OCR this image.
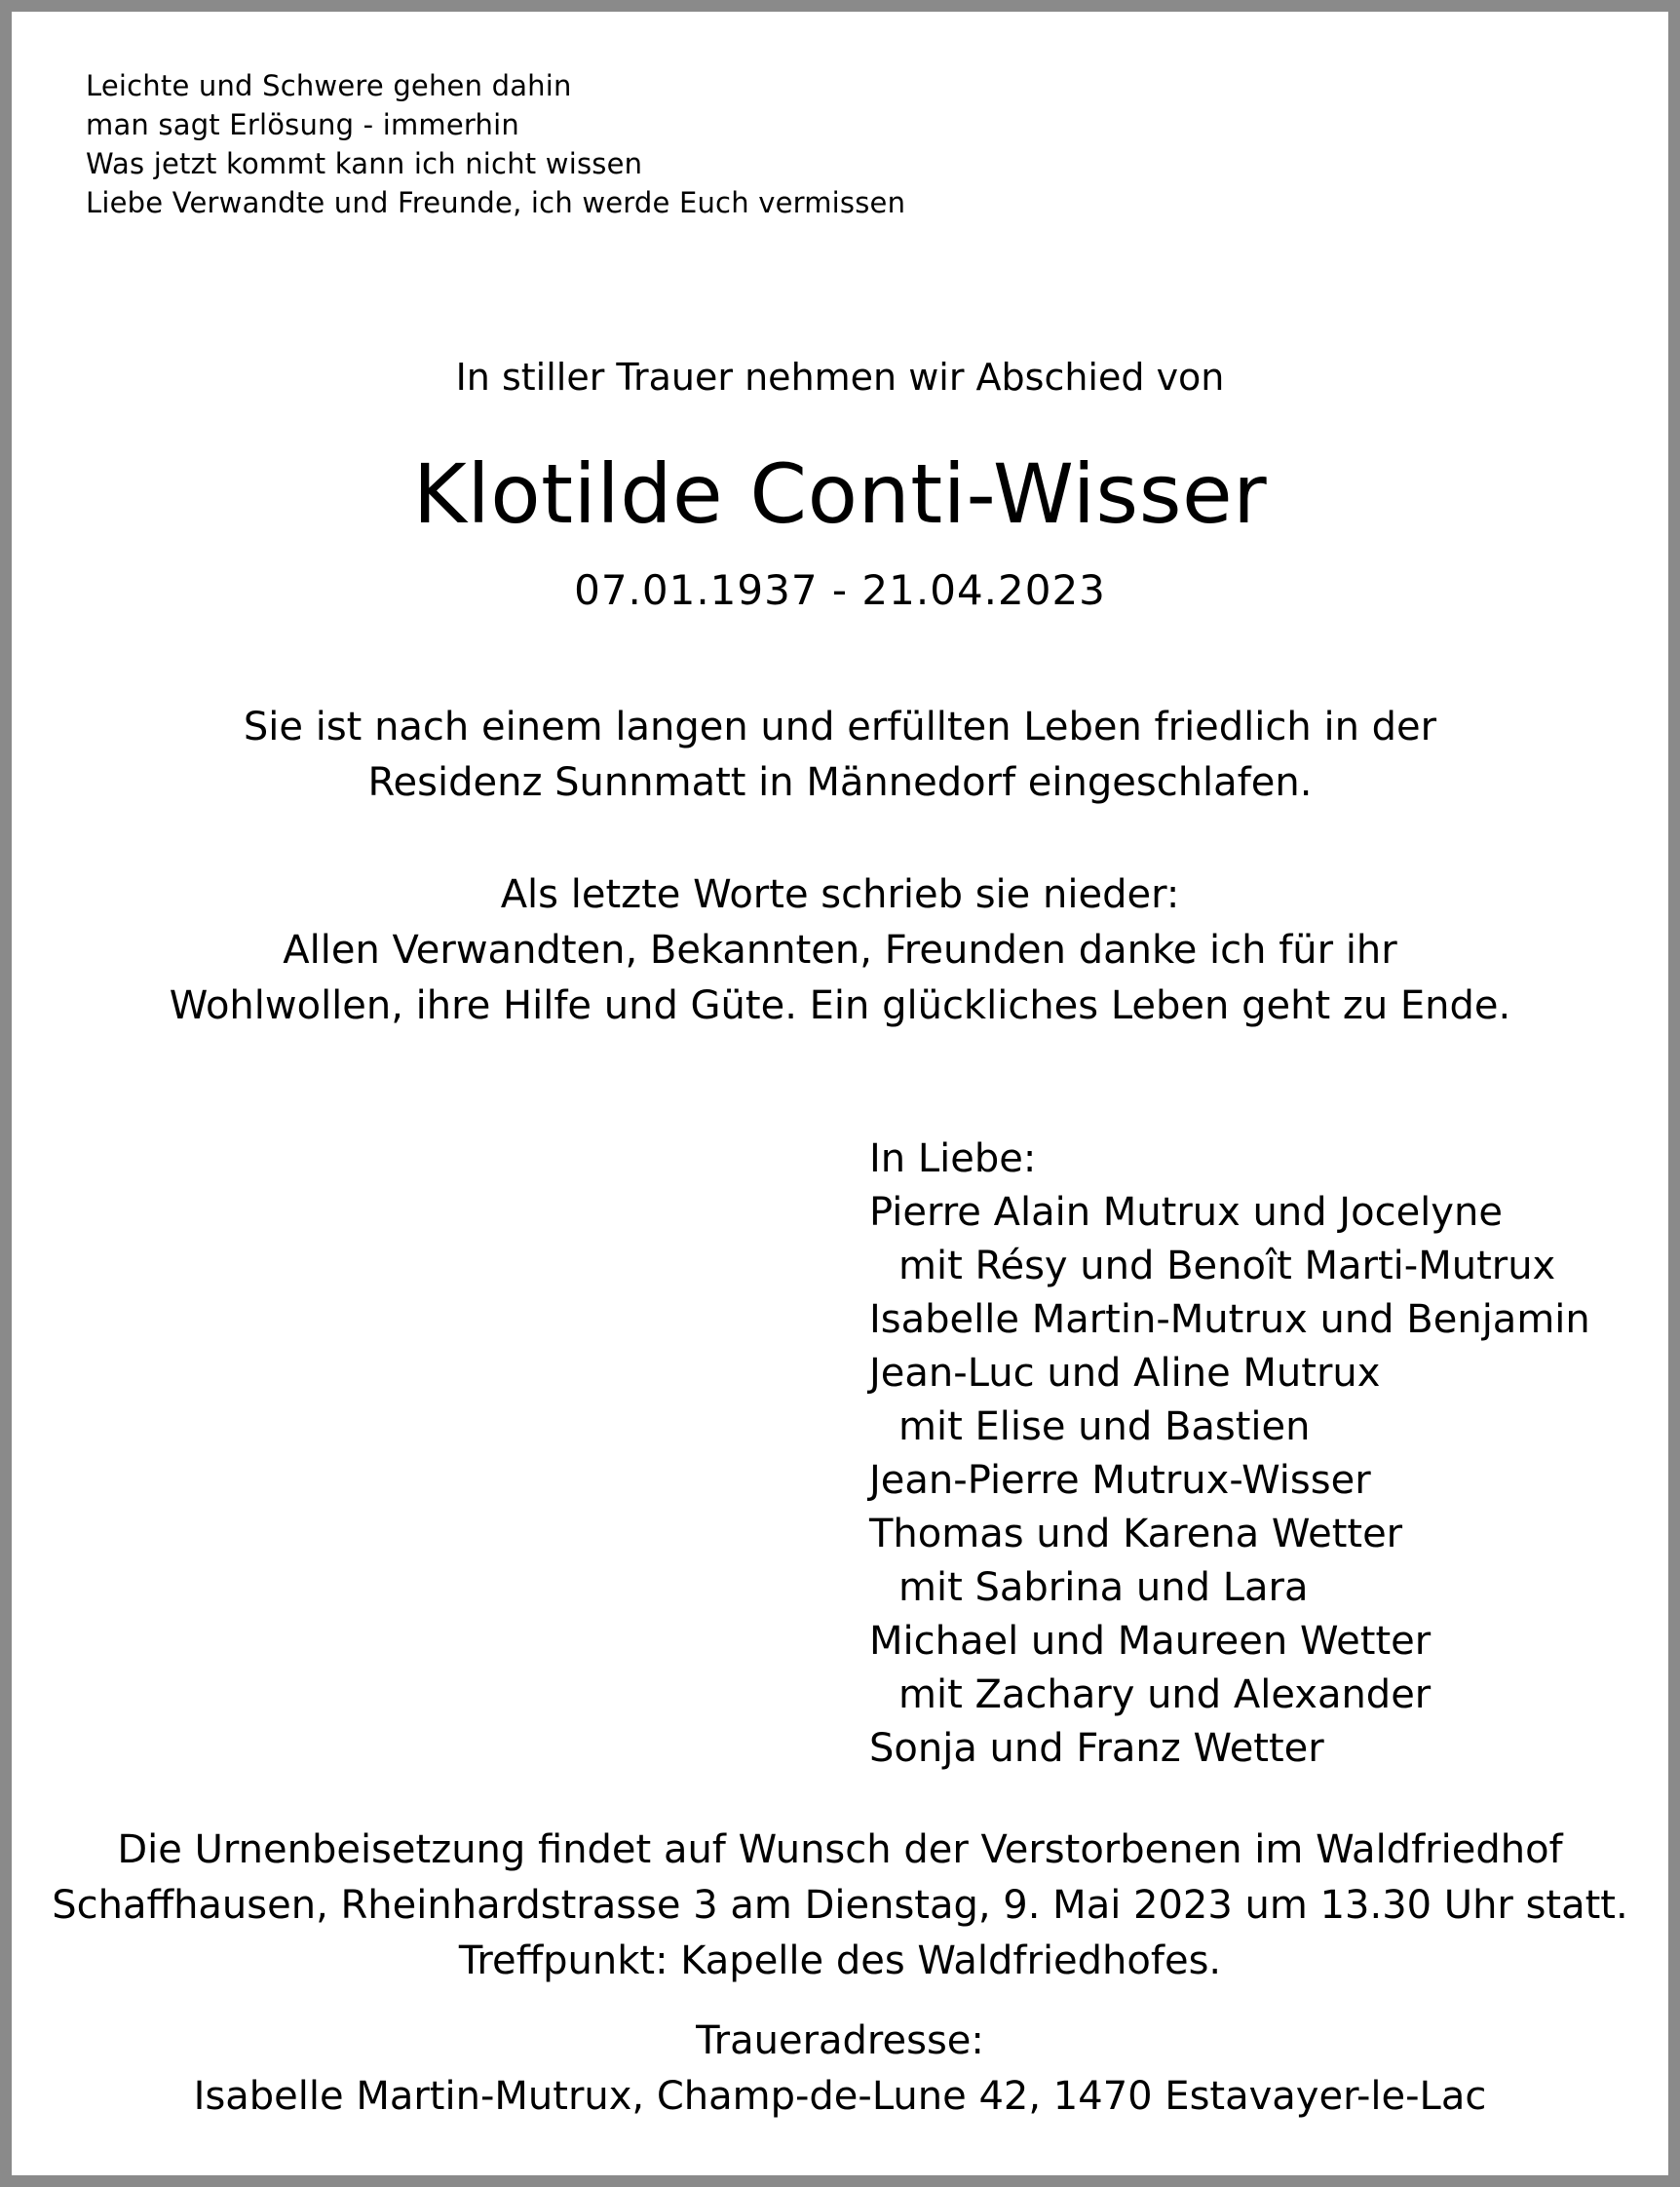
Leichte und Schwere gehen dahin
man sagt Erlösung - immerhin
Was jetzt kommt kann ich nicht wissen
Liebe Verwandte und Freunde, ich werde Euch vermissen
In stiller Trauer nehmen wir Abschied von
Klotilde Conti-Wisser
07.01.1937 - 21.04.2023
Sie ist nach einem langen und erfüllten Leben friedlich in der
Residenz Sunnmatt in Männedorf eingeschlafen.
Als letzte Worte schrieb sie nieder:
Allen Verwandten, Bekannten, Freunden danke ich für ihr
Wohlwollen, ihre Hilfe und Güte. Ein glückliches Leben geht zu Ende.
In Liebe:
Pierre Alain Mutrux und Jocelyne
mit Résy und Benoît Marti-Mutrux
Isabelle Martin-Mutrux und Benjamin
Jean-Luc und Aline Mutrux
mit Elise und Bastien
Jean-Pierre Mutrux-Wisser
Thomas und Karena Wetter
mit Sabrina und Lara
Michael und Maureen Wetter
mit Zachary und Alexander
Sonja und Franz Wetter
Die Urnenbeisetzung findet auf Wunsch der Verstorbenen im Waldfriedhof
Schaffhausen, Rheinhardstrasse 3 am Dienstag, 9. Mai 2023 um 13.30 Uhr statt.
Treffpunkt: Kapelle des Waldfriedhofes.
Traueradresse:
Isabelle Martin-Mutrux, Champ-de-Lune 42, 1470 Estavayer-le-Lac
